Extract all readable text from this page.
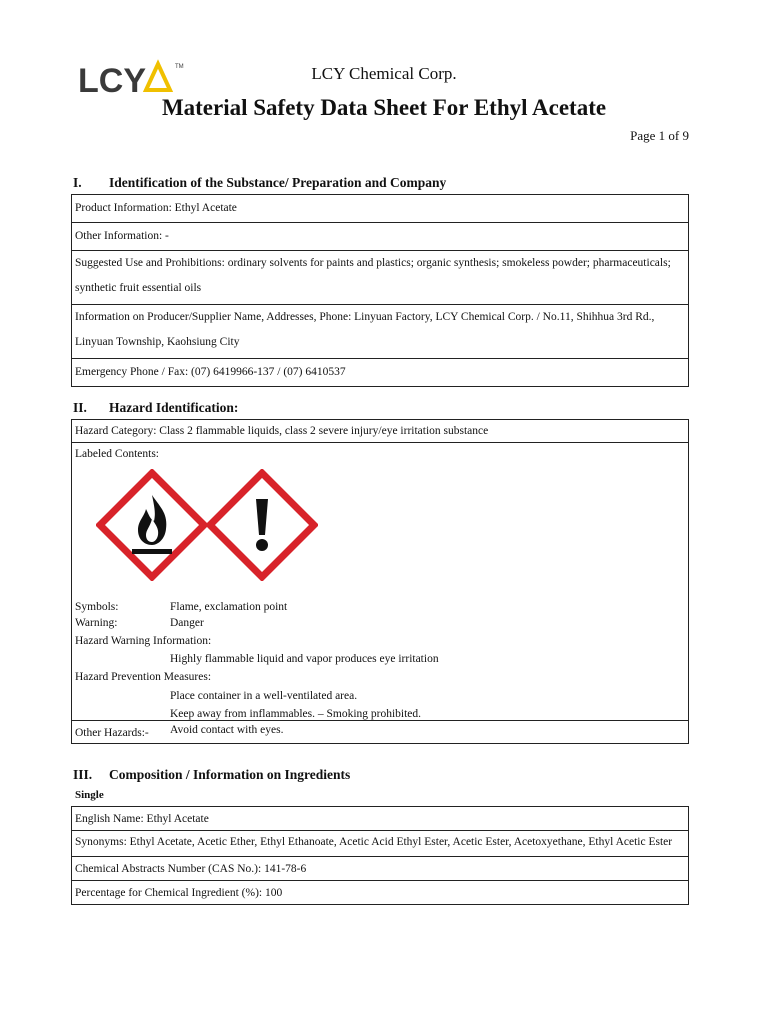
LCY	TM	LCY Chemical Corp.
Material Safety Data Sheet For Ethyl Acetate
Page 1 of 9
I. Identification of the Substance/ Preparation and Company
Product Information: Ethyl Acetate
Other Information: -
Suggested Use and Prohibitions: ordinary solvents for paints and plastics; organic synthesis; smokeless powder; pharmaceuticals; synthetic fruit essential oils
Information on Producer/Supplier Name, Addresses, Phone: Linyuan Factory, LCY Chemical Corp. / No.11, Shihhua 3rd Rd., Linyuan Township, Kaohsiung City
Emergency Phone / Fax: (07) 6419966-137 / (07) 6410537
II. Hazard Identification:
Hazard Category: Class 2 flammable liquids, class 2 severe injury/eye irritation substance
Labeled Contents:
Symbols:	Flame, exclamation point
Warning:	Danger
Hazard Warning Information:
Highly flammable liquid and vapor produces eye irritation
Hazard Prevention Measures:
Place container in a well-ventilated area.
Keep away from inflammables. – Smoking prohibited.
Avoid contact with eyes.
Other Hazards:-
III. Composition / Information on Ingredients
Single
English Name: Ethyl Acetate
Synonyms: Ethyl Acetate, Acetic Ether, Ethyl Ethanoate, Acetic Acid Ethyl Ester, Acetic Ester, Acetoxyethane, Ethyl Acetic Ester
Chemical Abstracts Number (CAS No.): 141-78-6
Percentage for Chemical Ingredient (%): 100
